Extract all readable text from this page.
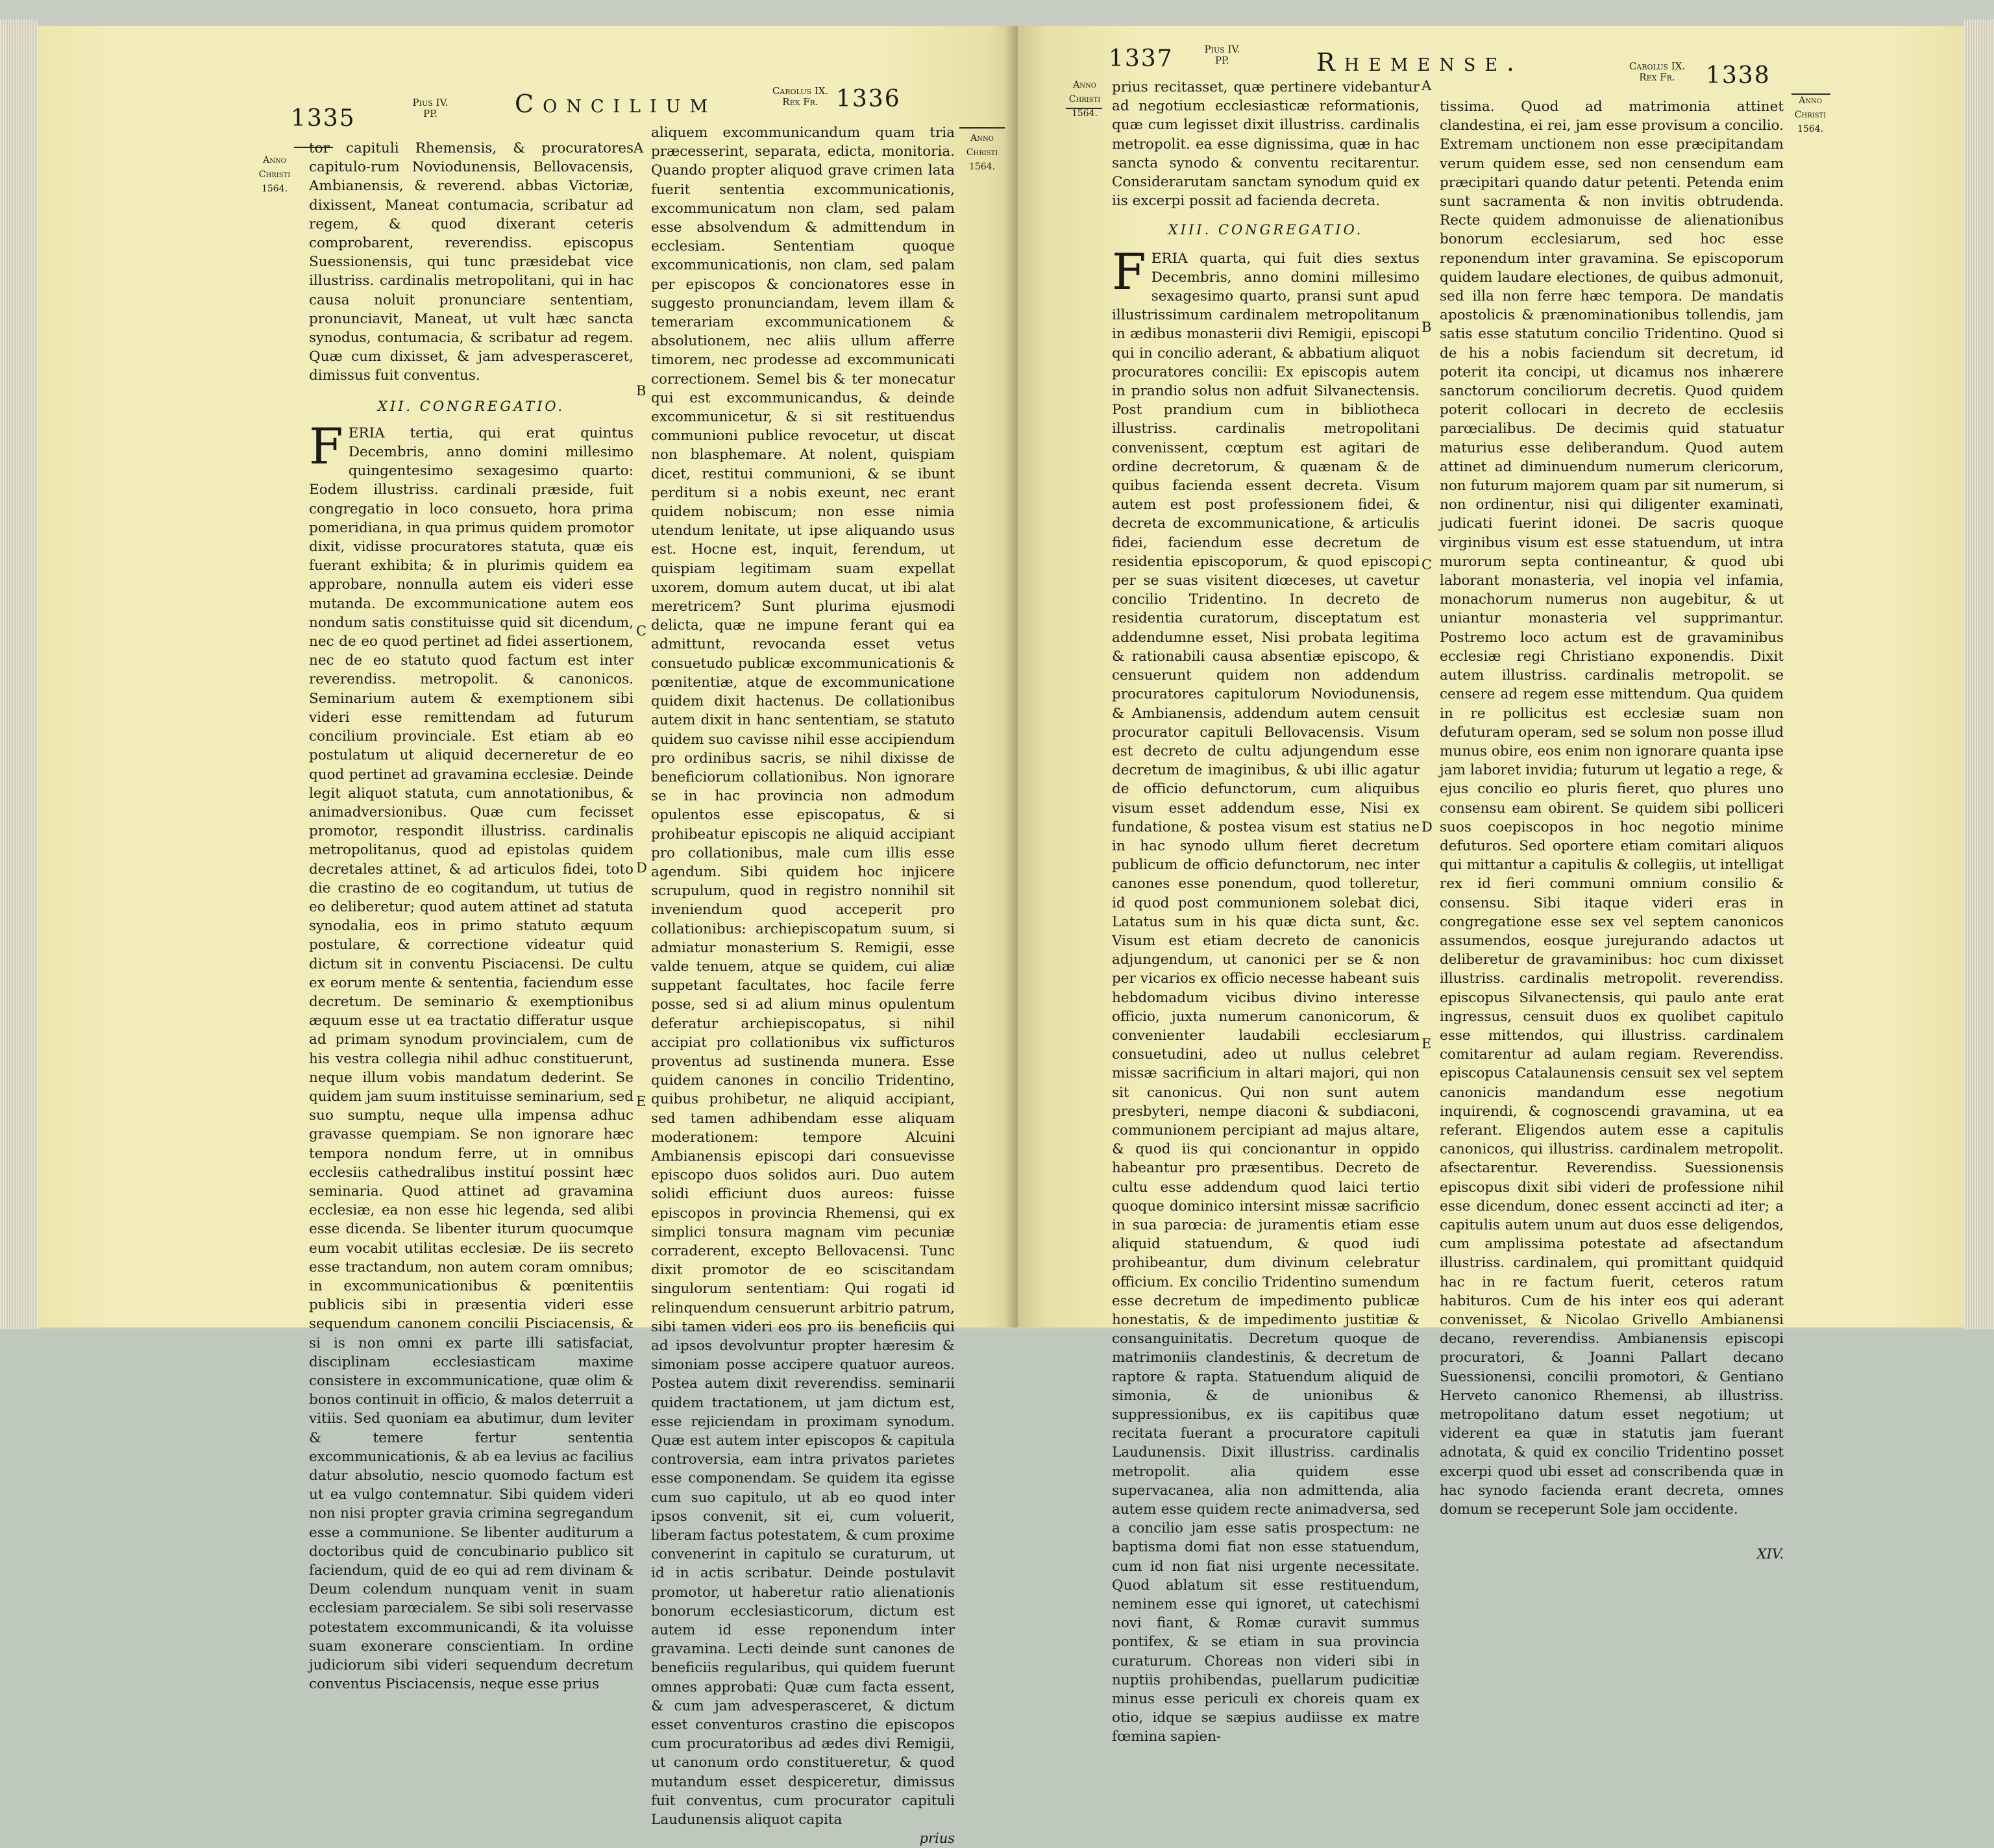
1335
Pius IV.
PP.	Concilium	Carolus IX.
Rex Fr. 1336
Anno
Christi
1564.
Anno
Christi
1564.

tor capituli Rhemensis, & procuratores capitulo-rum Noviodunensis, Bellovacensis, Ambianensis, & reverend. abbas Victoriæ, dixissent, Maneat contumacia, scribatur ad regem, & quod dixerant ceteris comprobarent, reverendiss. episcopus Suessionensis, qui tunc præsidebat vice illustriss. cardinalis metropolitani, qui in hac causa noluit pronunciare sententiam, pronunciavit, Maneat, ut vult hæc sancta synodus, contumacia, & scribatur ad regem. Quæ cum dixisset, & jam advesperasceret, dimissus fuit conventus.

XII. CONGREGATIO.

FERIA tertia, qui erat quintus Decembris, anno domini millesimo quingentesimo sexagesimo quarto: Eodem illustriss. cardinali præside, fuit congregatio in loco consueto, hora prima pomeridiana, in qua primus quidem promotor dixit, vidisse procuratores statuta, quæ eis fuerant exhibita; & in plurimis quidem ea approbare, nonnulla autem eis videri esse mutanda. De excommunicatione autem eos nondum satis constituisse quid sit dicendum, nec de eo quod pertinet ad fidei assertionem, nec de eo statuto quod factum est inter reverendiss. metropolit. & canonicos. Seminarium autem & exemptionem sibi videri esse remittendam ad futurum concilium provinciale. Est etiam ab eo postulatum ut aliquid decerneretur de eo quod pertinet ad gravamina ecclesiæ. Deinde legit aliquot statuta, cum annotationibus, & animadversionibus. Quæ cum fecisset promotor, respondit illustriss. cardinalis metropolitanus, quod ad epistolas quidem decretales attinet, & ad articulos fidei, toto die crastino de eo cogitandum, ut tutius de eo deliberetur; quod autem attinet ad statuta synodalia, eos in primo statuto æquum postulare, & correctione videatur quid dictum sit in conventu Pisciacensi. De cultu ex eorum mente & sententia, faciendum esse decretum. De seminario & exemptionibus æquum esse ut ea tractatio differatur usque ad primam synodum provincialem, cum de his vestra collegia nihil adhuc constituerunt, neque illum vobis mandatum dederint. Se quidem jam suum instituisse seminarium, sed suo sumptu, neque ulla impensa adhuc gravasse quempiam. Se non ignorare hæc tempora nondum ferre, ut in omnibus ecclesiis cathedralibus instituí possint hæc seminaria. Quod attinet ad gravamina ecclesiæ, ea non esse hic legenda, sed alibi esse dicenda. Se libenter iturum quocumque eum vocabit utilitas ecclesiæ. De iis secreto esse tractandum, non autem coram omnibus; in excommunicationibus & pœnitentiis publicis sibi in præsentia videri esse sequendum canonem concilii Pisciacensis, & si is non omni ex parte illi satisfaciat, disciplinam ecclesiasticam maxime consistere in excommunicatione, quæ olim & bonos continuit in officio, & malos deterruit a vitiis. Sed quoniam ea abutimur, dum leviter & temere fertur sententia excommunicationis, & ab ea levius ac facilius datur absolutio, nescio quomodo factum est ut ea vulgo contemnatur. Sibi quidem videri non nisi propter gravia crimina segregandum esse a communione. Se libenter auditurum a doctoribus quid de concubinario publico sit faciendum, quid de eo qui ad rem divinam & Deum colendum nunquam venit in suam ecclesiam parœcialem. Se sibi soli reservasse potestatem excommunicandi, & ita voluisse suam exonerare conscientiam. In ordine judiciorum sibi videri sequendum decretum conventus Pisciacensis, neque esse prius

aliquem excommunicandum quam tria præcesserint, separata, edicta, monitoria. Quando propter aliquod grave crimen lata fuerit sententia excommunicationis, excommunicatum non clam, sed palam esse absolvendum & admittendum in ecclesiam. Sententiam quoque excommunicationis, non clam, sed palam per episcopos & concionatores esse in suggesto pronunciandam, levem illam & temerariam excommunicationem & absolutionem, nec aliis ullum afferre timorem, nec prodesse ad excommunicati correctionem. Semel bis & ter monecatur qui est excommunicandus, & deinde excommunicetur, & si sit restituendus communioni publice revocetur, ut discat non blasphemare. At nolent, quispiam dicet, restitui communioni, & se ibunt perditum si a nobis exeunt, nec erant quidem nobiscum; non esse nimia utendum lenitate, ut ipse aliquando usus est. Hocne est, inquit, ferendum, ut quispiam legitimam suam expellat uxorem, domum autem ducat, ut ibi alat meretricem? Sunt plurima ejusmodi delicta, quæ ne impune ferant qui ea admittunt, revocanda esset vetus consuetudo publicæ excommunicationis & pœnitentiæ, atque de excommunicatione quidem dixit hactenus. De collationibus autem dixit in hanc sententiam, se statuto quidem suo cavisse nihil esse accipiendum pro ordinibus sacris, se nihil dixisse de beneficiorum collationibus. Non ignorare se in hac provincia non admodum opulentos esse episcopatus, & si prohibeatur episcopis ne aliquid accipiant pro collationibus, male cum illis esse agendum. Sibi quidem hoc injicere scrupulum, quod in registro nonnihil sit inveniendum quod acceperit pro collationibus: archiepiscopatum suum, si admiatur monasterium S. Remigii, esse valde tenuem, atque se quidem, cui aliæ suppetant facultates, hoc facile ferre posse, sed si ad alium minus opulentum deferatur archiepiscopatus, si nihil accipiat pro collationibus vix sufficturos proventus ad sustinenda munera. Esse quidem canones in concilio Tridentino, quibus prohibetur, ne aliquid accipiant, sed tamen adhibendam esse aliquam moderationem: tempore Alcuini Ambianensis episcopi dari consuevisse episcopo duos solidos auri. Duo autem solidi efficiunt duos aureos: fuisse episcopos in provincia Rhemensi, qui ex simplici tonsura magnam vim pecuniæ corraderent, excepto Bellovacensi. Tunc dixit promotor de eo sciscitandam singulorum sententiam: Qui rogati id relinquendum censuerunt arbitrio patrum, sibi tamen videri eos pro iis beneficiis qui ad ipsos devolvuntur propter hæresim & simoniam posse accipere quatuor aureos. Postea autem dixit reverendiss. seminarii quidem tractationem, ut jam dictum est, esse rejiciendam in proximam synodum. Quæ est autem inter episcopos & capitula controversia, eam intra privatos parietes esse componendam. Se quidem ita egisse cum suo capitulo, ut ab eo quod inter ipsos convenit, sit ei, cum voluerit, liberam factus potestatem, & cum proxime convenerint in capitulo se curaturum, ut id in actis scribatur. Deinde postulavit promotor, ut haberetur ratio alienationis bonorum ecclesiasticorum, dictum est autem id esse reponendum inter gravamina. Lecti deinde sunt canones de beneficiis regularibus, qui quidem fuerunt omnes approbati: Quæ cum facta essent, & cum jam advesperasceret, & dictum esset conventuros crastino die episcopos cum procuratoribus ad ædes divi Remigii, ut canonum ordo constitueretur, & quod mutandum esset despiceretur, dimissus fuit conventus, cum procurator capituli Laudunensis aliquot capita

prius
A
B
C
D
E
1337	Pius IV.
PP.	Rhemense.	Carolus IX.
Rex Fr.	1338
Anno
Christi
1564.
Anno
Christi
1564.

prius recitasset, quæ pertinere videbantur ad negotium ecclesiasticæ reformationis, quæ cum legisset dixit illustriss. cardinalis metropolit. ea esse dignissima, quæ in hac sancta synodo & conventu recitarentur. Considerarutam sanctam synodum quid ex iis excerpi possit ad facienda decreta.

XIII. CONGREGATIO.

FERIA quarta, qui fuit dies sextus Decembris, anno domini millesimo sexagesimo quarto, pransi sunt apud illustrissimum cardinalem metropolitanum in ædibus monasterii divi Remigii, episcopi qui in concilio aderant, & abbatium aliquot procuratores concilii: Ex episcopis autem in prandio solus non adfuit Silvanectensis. Post prandium cum in bibliotheca illustriss. cardinalis metropolitani convenissent, cœptum est agitari de ordine decretorum, & quænam & de quibus facienda essent decreta. Visum autem est post professionem fidei, & decreta de excommunicatione, & articulis fidei, faciendum esse decretum de residentia episcoporum, & quod episcopi per se suas visitent diœceses, ut cavetur concilio Tridentino. In decreto de residentia curatorum, disceptatum est addendumne esset, Nisi probata legitima & rationabili causa absentiæ episcopo, & censuerunt quidem non addendum procuratores capitulorum Noviodunensis, & Ambianensis, addendum autem censuit procurator capituli Bellovacensis. Visum est decreto de cultu adjungendum esse decretum de imaginibus, & ubi illic agatur de officio defunctorum, cum aliquibus visum esset addendum esse, Nisi ex fundatione, & postea visum est statius ne in hac synodo ullum fieret decretum publicum de officio defunctorum, nec inter canones esse ponendum, quod tolleretur, id quod post communionem solebat dici, Latatus sum in his quæ dicta sunt, &c. Visum est etiam decreto de canonicis adjungendum, ut canonici per se & non per vicarios ex officio necesse habeant suis hebdomadum vicibus divino interesse officio, juxta numerum canonicorum, & convenienter laudabili ecclesiarum consuetudini, adeo ut nullus celebret missæ sacrificium in altari majori, qui non sit canonicus. Qui non sunt autem presbyteri, nempe diaconi & subdiaconi, communionem percipiant ad majus altare, & quod iis qui concionantur in oppido habeantur pro præsentibus. Decreto de cultu esse addendum quod laici tertio quoque dominico intersint missæ sacrificio in sua parœcia: de juramentis etiam esse aliquid statuendum, & quod iudi prohibeantur, dum divinum celebratur officium. Ex concilio Tridentino sumendum esse decretum de impedimento publicæ honestatis, & de impedimento justitiæ & consanguinitatis. Decretum quoque de matrimoniis clandestinis, & decretum de raptore & rapta. Statuendum aliquid de simonia, & de unionibus & suppressionibus, ex iis capitibus quæ recitata fuerant a procuratore capituli Laudunensis. Dixit illustriss. cardinalis metropolit. alia quidem esse supervacanea, alia non admittenda, alia autem esse quidem recte animadversa, sed a concilio jam esse satis prospectum: ne baptisma domi fiat non esse statuendum, cum id non fiat nisi urgente necessitate. Quod ablatum sit esse restituendum, neminem esse qui ignoret, ut catechismi novi fiant, & Romæ curavit summus pontifex, & se etiam in sua provincia curaturum. Choreas non videri sibi in nuptiis prohibendas, puellarum pudicitiæ minus esse periculi ex choreis quam ex otio, idque se sæpius audiisse ex matre fœmina sapien-

tissima. Quod ad matrimonia attinet clandestina, ei rei, jam esse provisum a concilio. Extremam unctionem non esse præcipitandam verum quidem esse, sed non censendum eam præcipitari quando datur petenti. Petenda enim sunt sacramenta & non invitis obtrudenda. Recte quidem admonuisse de alienationibus bonorum ecclesiarum, sed hoc esse reponendum inter gravamina. Se episcoporum quidem laudare electiones, de quibus admonuit, sed illa non ferre hæc tempora. De mandatis apostolicis & prænominationibus tollendis, jam satis esse statutum concilio Tridentino. Quod si de his a nobis faciendum sit decretum, id poterit ita concipi, ut dicamus nos inhærere sanctorum conciliorum decretis. Quod quidem poterit collocari in decreto de ecclesiis parœcialibus. De decimis quid statuatur maturius esse deliberandum. Quod autem attinet ad diminuendum numerum clericorum, non futurum majorem quam par sit numerum, si non ordinentur, nisi qui diligenter examinati, judicati fuerint idonei. De sacris quoque virginibus visum est esse statuendum, ut intra murorum septa contineantur, & quod ubi laborant monasteria, vel inopia vel infamia, monachorum numerus non augebitur, & ut uniantur monasteria vel supprimantur. Postremo loco actum est de gravaminibus ecclesiæ regi Christiano exponendis. Dixit autem illustriss. cardinalis metropolit. se censere ad regem esse mittendum. Qua quidem in re pollicitus est ecclesiæ suam non defuturam operam, sed se solum non posse illud munus obire, eos enim non ignorare quanta ipse jam laboret invidia; futurum ut legatio a rege, & ejus concilio eo pluris fieret, quo plures uno consensu eam obirent. Se quidem sibi polliceri suos coepiscopos in hoc negotio minime defuturos. Sed oportere etiam comitari aliquos qui mittantur a capitulis & collegiis, ut intelligat rex id fieri communi omnium consilio & consensu. Sibi itaque videri eras in congregatione esse sex vel septem canonicos assumendos, eosque jurejurando adactos ut deliberetur de gravaminibus: hoc cum dixisset illustriss. cardinalis metropolit. reverendiss. episcopus Silvanectensis, qui paulo ante erat ingressus, censuit duos ex quolibet capitulo esse mittendos, qui illustriss. cardinalem comitarentur ad aulam regiam. Reverendiss. episcopus Catalaunensis censuit sex vel septem canonicis mandandum esse negotium inquirendi, & cognoscendi gravamina, ut ea referant. Eligendos autem esse a capitulis canonicos, qui illustriss. cardinalem metropolit. afsectarentur. Reverendiss. Suessionensis episcopus dixit sibi videri de professione nihil esse dicendum, donec essent accincti ad iter; a capitulis autem unum aut duos esse deligendos, cum amplissima potestate ad afsectandum illustriss. cardinalem, qui promittant quidquid hac in re factum fuerit, ceteros ratum habituros. Cum de his inter eos qui aderant convenisset, & Nicolao Grivello Ambianensi decano, reverendiss. Ambianensis episcopi procuratori, & Joanni Pallart decano Suessionensi, concilii promotori, & Gentiano Herveto canonico Rhemensi, ab illustriss. metropolitano datum esset negotium; ut viderent ea quæ in statutis jam fuerant adnotata, & quid ex concilio Tridentino posset excerpi quod ubi esset ad conscribenda quæ in hac synodo facienda erant decreta, omnes domum se receperunt Sole jam occidente.

XIV.
A
B
C
D
E
